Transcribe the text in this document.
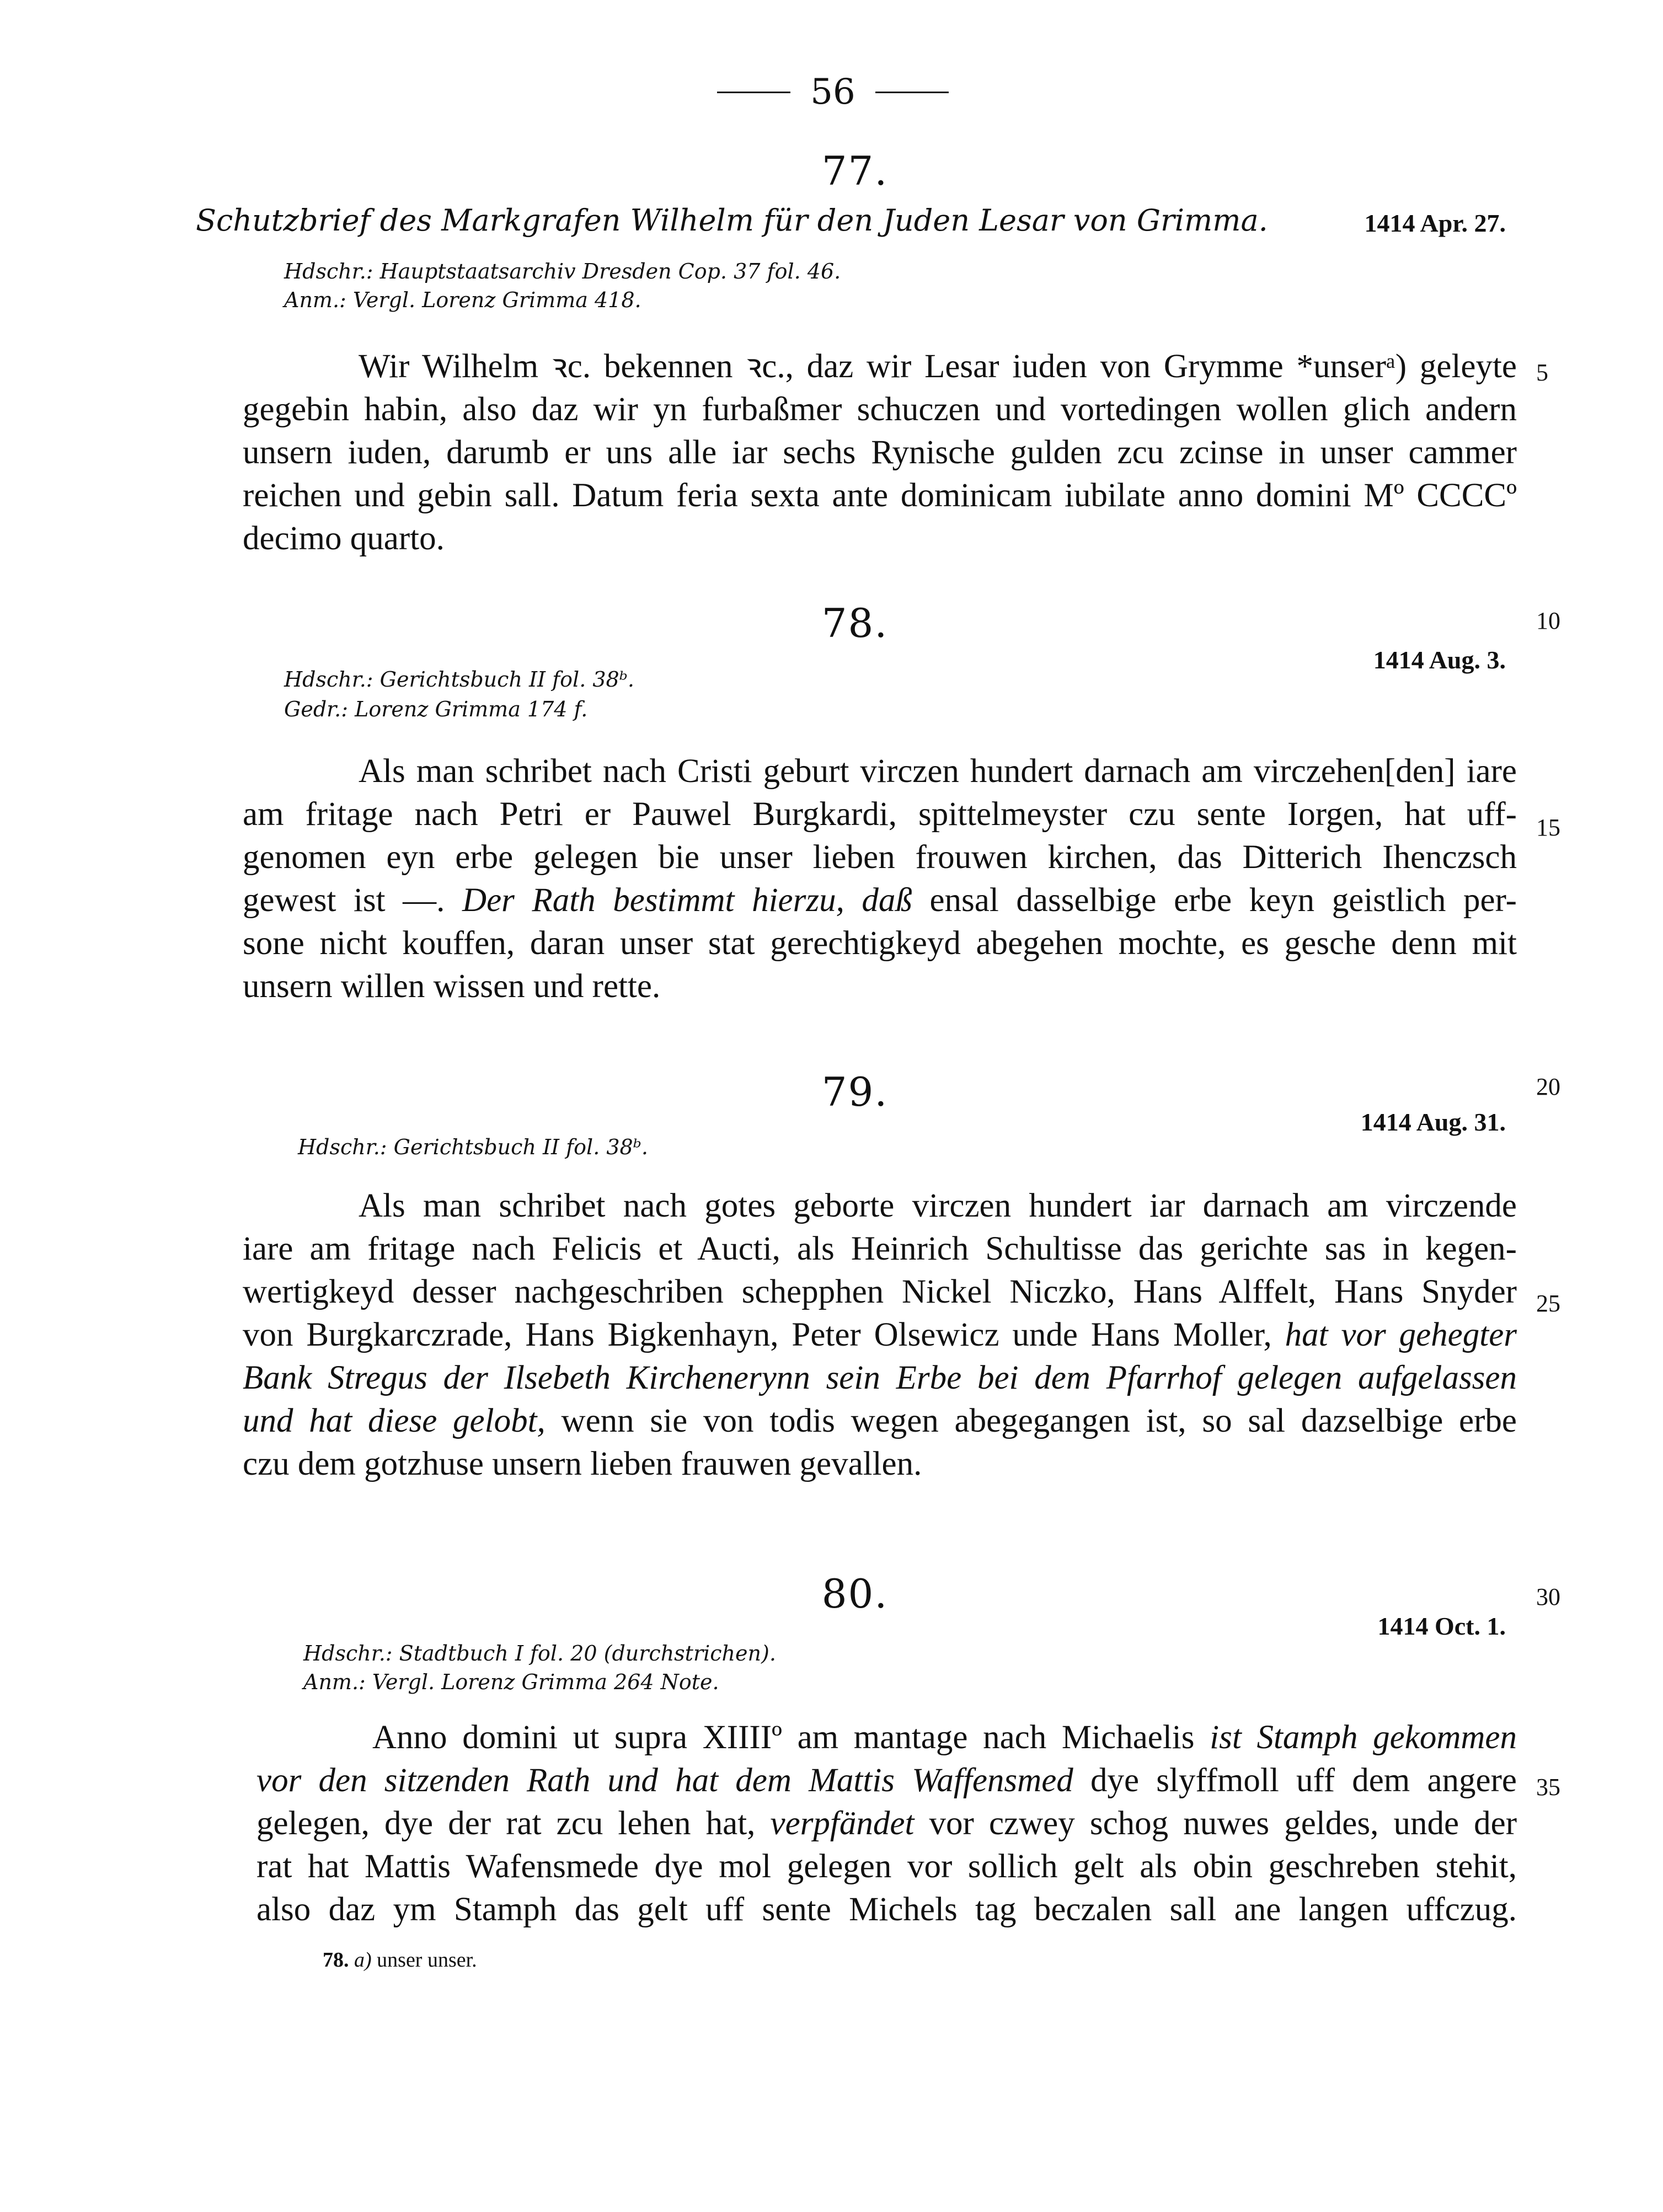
56
77.
Schutzbrief des Markgrafen Wilhelm für den Juden Lesar von Grimma.	1414 Apr. 27.
Hdschr.: Hauptstaatsarchiv Dresden Cop. 37 fol. 46.
Anm.: Vergl. Lorenz Grimma 418.
Wir Wilhelm ꝛc. bekennen ꝛc., daz wir Lesar iuden von Grymme *unserᵃ) geleyte
gegebin habin, also daz wir yn furbaßmer schuczen und vortedingen wollen glich andern
unsern iuden, darumb er uns alle iar sechs Rynische gulden zcu zcinse in unser cammer
reichen und gebin sall. Datum feria sexta ante dominicam iubilate anno domini Mº CCCCº
decimo quarto.
5
78.	10
1414 Aug. 3.
Hdschr.: Gerichtsbuch II fol. 38ᵇ.
Gedr.: Lorenz Grimma 174 f.
Als man schribet nach Cristi geburt virczen hundert darnach am virczehen[den] iare
am fritage nach Petri er Pauwel Burgkardi, spittelmeyster czu sente Iorgen, hat uff-
genomen eyn erbe gelegen bie unser lieben frouwen kirchen, das Ditterich Ihenczsch
gewest ist —. Der Rath bestimmt hierzu, daß ensal dasselbige erbe keyn geistlich per-
sone nicht kouffen, daran unser stat gerechtigkeyd abegehen mochte, es gesche denn mit
unsern willen wissen und rette.
15
79.	20
1414 Aug. 31.
Hdschr.: Gerichtsbuch II fol. 38ᵇ.
Als man schribet nach gotes geborte virczen hundert iar darnach am virczende
iare am fritage nach Felicis et Aucti, als Heinrich Schultisse das gerichte sas in kegen-
wertigkeyd desser nachgeschriben schepphen Nickel Niczko, Hans Alffelt, Hans Snyder
von Burgkarczrade, Hans Bigkenhayn, Peter Olsewicz unde Hans Moller, hat vor gehegter
Bank Stregus der Ilsebeth Kirchenerynn sein Erbe bei dem Pfarrhof gelegen aufgelassen
und hat diese gelobt, wenn sie von todis wegen abegegangen ist, so sal dazselbige erbe
czu dem gotzhuse unsern lieben frauwen gevallen.
25
80.	30
1414 Oct. 1.
Hdschr.: Stadtbuch I fol. 20 (durchstrichen).
Anm.: Vergl. Lorenz Grimma 264 Note.
Anno domini ut supra XIIIIº am mantage nach Michaelis ist Stamph gekommen
vor den sitzenden Rath und hat dem Mattis Waffensmed dye slyffmoll uff dem angere
gelegen, dye der rat zcu lehen hat, verpfändet vor czwey schog nuwes geldes, unde der
rat hat Mattis Wafensmede dye mol gelegen vor sollich gelt als obin geschreben stehit,
also daz ym Stamph das gelt uff sente Michels tag beczalen sall ane langen uffczug.
35
78. a) unser unser.
